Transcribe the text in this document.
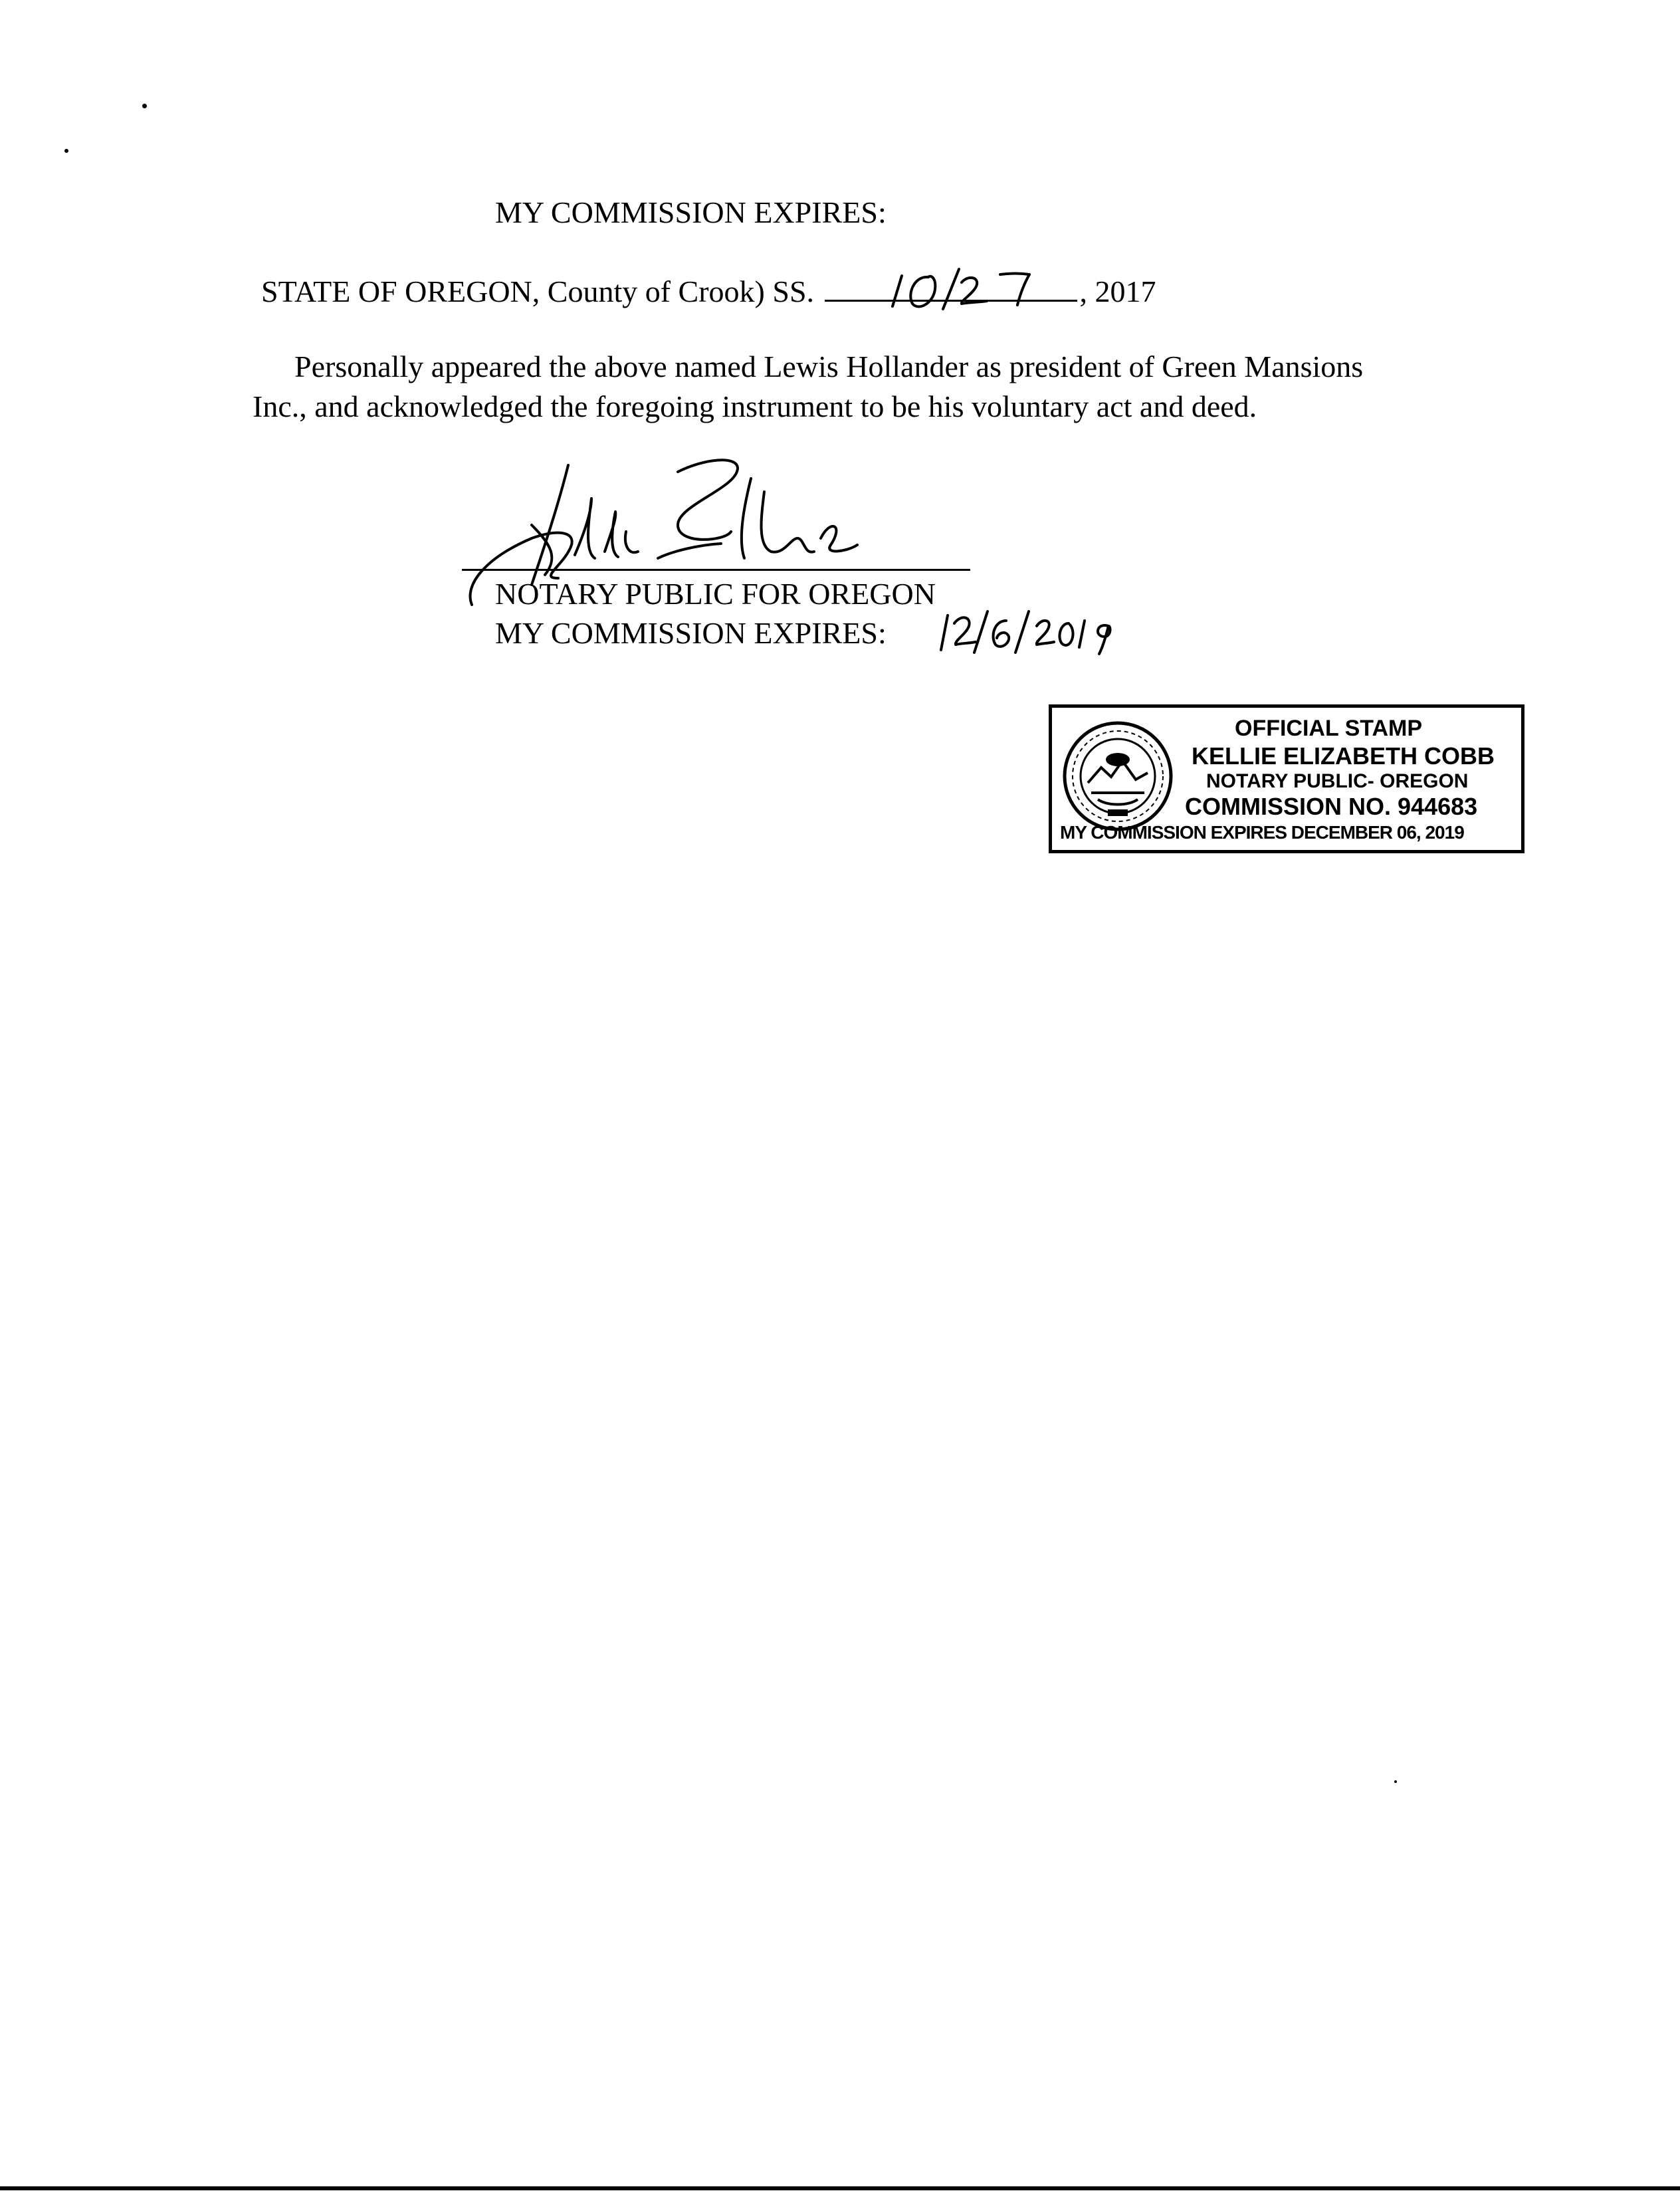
MY COMMISSION EXPIRES:
STATE OF OREGON, County of Crook) SS.	, 2017
Personally appeared the above named Lewis Hollander as president of Green Mansions Inc., and acknowledged the foregoing instrument to be his voluntary act and deed.
NOTARY PUBLIC FOR OREGON
MY COMMISSION EXPIRES:
OFFICIAL STAMP
KELLIE ELIZABETH COBB
NOTARY PUBLIC- OREGON
COMMISSION NO. 944683
MY COMMISSION EXPIRES DECEMBER 06, 2019
